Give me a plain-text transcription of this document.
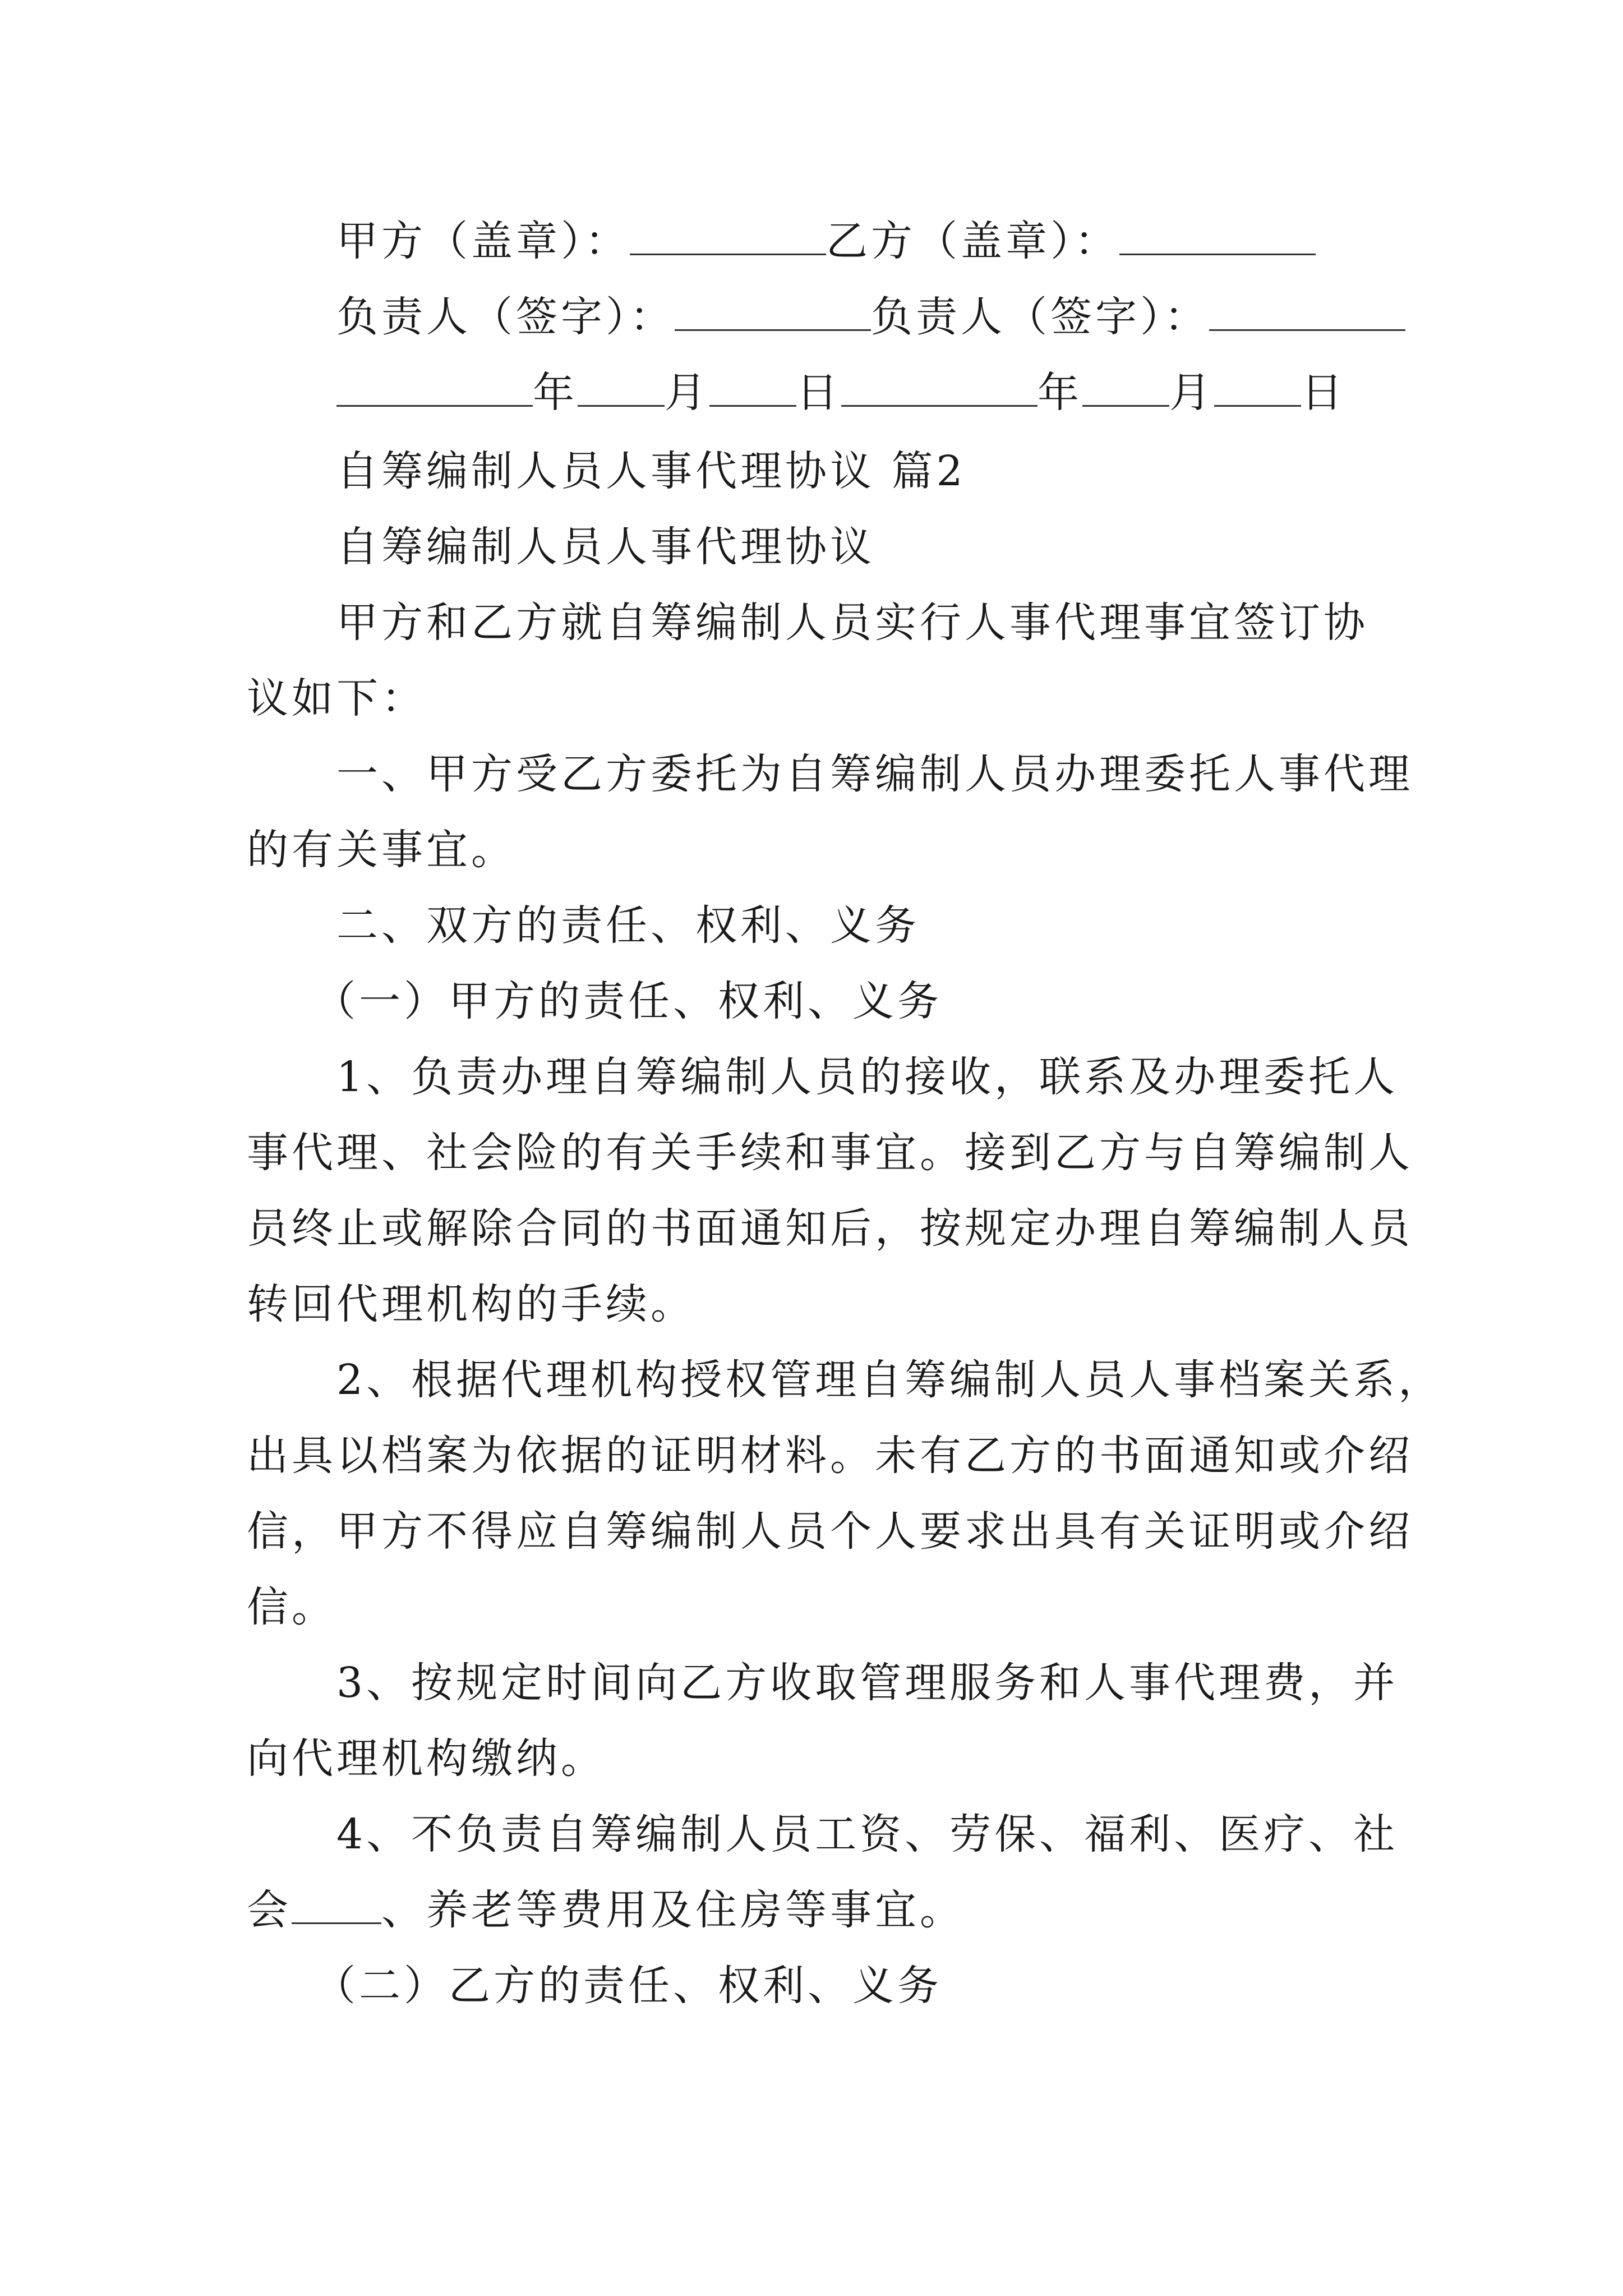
甲方（盖章）：	乙方（盖章）：
负责人（签字）：	负责人（签字）：
年 月 日	年 月 日
自筹编制人员人事代理协议 篇2
自筹编制人员人事代理协议
甲方和乙方就自筹编制人员实行人事代理事宜签订协
议如下：
一、甲方受乙方委托为自筹编制人员办理委托人事代理
的有关事宜。
二、双方的责任、权利、义务
（一）甲方的责任、权利、义务
1、负责办理自筹编制人员的接收，联系及办理委托人
事代理、社会险的有关手续和事宜。接到乙方与自筹编制人
员终止或解除合同的书面通知后，按规定办理自筹编制人员
转回代理机构的手续。
2、根据代理机构授权管理自筹编制人员人事档案关系，
出具以档案为依据的证明材料。未有乙方的书面通知或介绍
信，甲方不得应自筹编制人员个人要求出具有关证明或介绍
信。
3、按规定时间向乙方收取管理服务和人事代理费，并
向代理机构缴纳。
4、不负责自筹编制人员工资、劳保、福利、医疗、社
会 、养老等费用及住房等事宜。
（二）乙方的责任、权利、义务
